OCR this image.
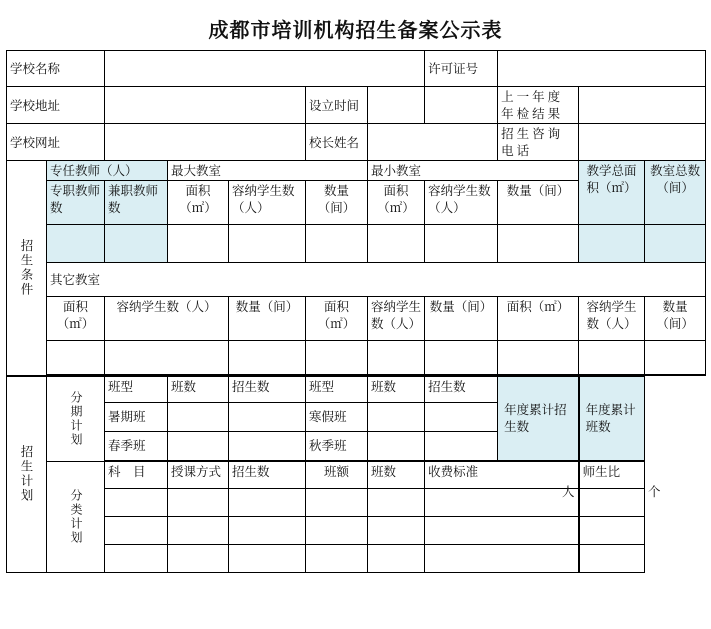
成都市培训机构招生备案公示表
学校名称							许可证号			
学校地址					设立时间			上一年度年检结果		
学校网址					校长姓名			招生咨询电话		
招生条件	专任教师（人）		最大教室			最小教室			教学总面积（㎡）	教室总数（间）
	专职教师数	兼职教师数	面积（㎡）	容纳学生数（人）	数量（间）	面积（㎡）	容纳学生数（人）	数量（间）		

	其它教室									
	面积（㎡）	容纳学生数（人）		数量（间）	面积（㎡）	容纳学生数（人）	数量（间）	面积（㎡）	容纳学生数（人）	数量（间）

招生计划	分期计划	班型	班数	招生数	班型	班数	招生数	年度累计招生数	年度累计班数	
		暑期班			寒假班					
		春季班			秋季班					

	分类计划	科　目	授课方式	招生数	班额	班数	收费标准		师生比	

人	个
